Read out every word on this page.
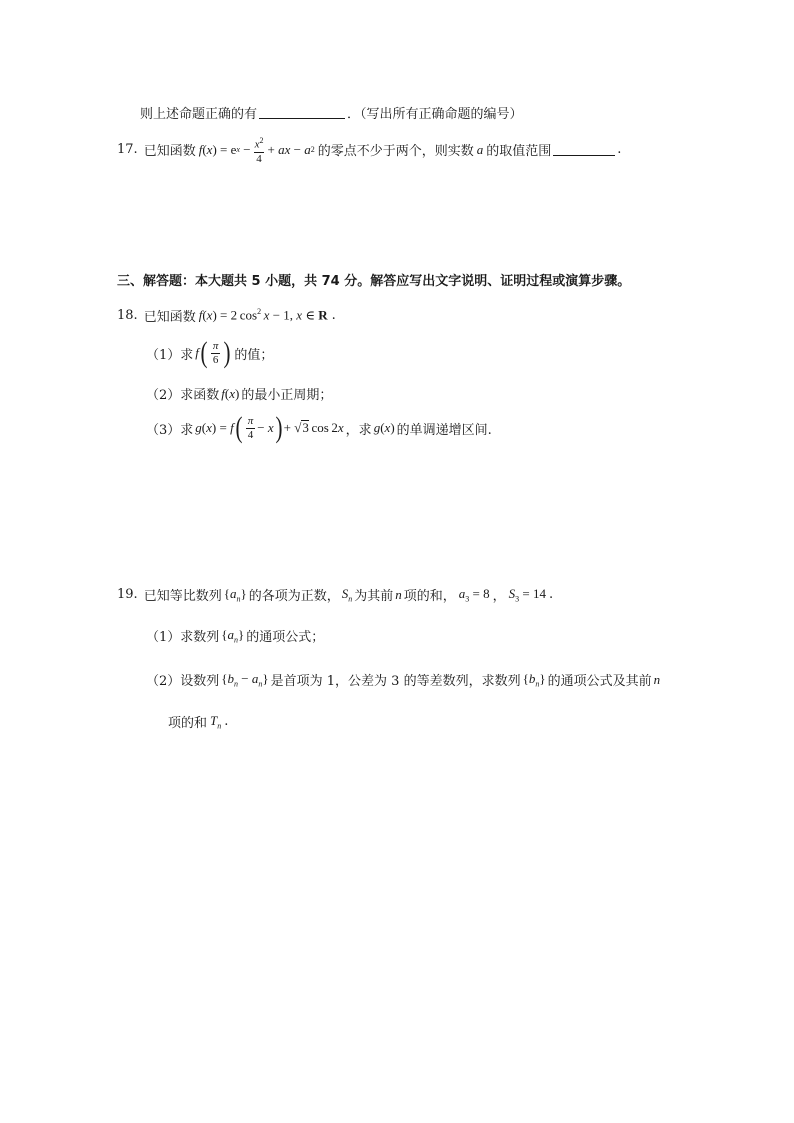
则上述命题正确的有	．（写出所有正确命题的编号）
17. 已知函数 f ( x )
=
e x
− $\frac{x^2}{4}$ + ax − a 2 的零点不少于两个，则实数 a 的取值范围	.
三、解答题：本大题共 5 小题，共 74 分。解答应写出文字说明、证明过程或演算步骤。
18. 已知函数 f(x) = 2  $\cos^2 x - 1$, x ∈ R .
（1）求 f ( $\frac{\pi}{6}$ ) 的值；
（2）求函数 f(x) 的最小正周期；
（3）求 g ( x ) = f ( $\frac{\pi}{4} - x$ ) +
√ 3
  cos
  2 x ，求 g(x) 的单调递增区间.
19. 已知等比数列 $\{a_n\}$ 的各项为正数， $S_n$ 为其前 n 项的和， $a_3 = 8$ ， $S_3 = 14$ .
（1）求数列 $\{a_n\}$ 的通项公式；
（2）设数列 $\{b_n - a_n\}$ 是首项为 1，公差为 3 的等差数列，求数列 $\{b_n\}$ 的通项公式及其前 n
项的和 $T_n$ .
